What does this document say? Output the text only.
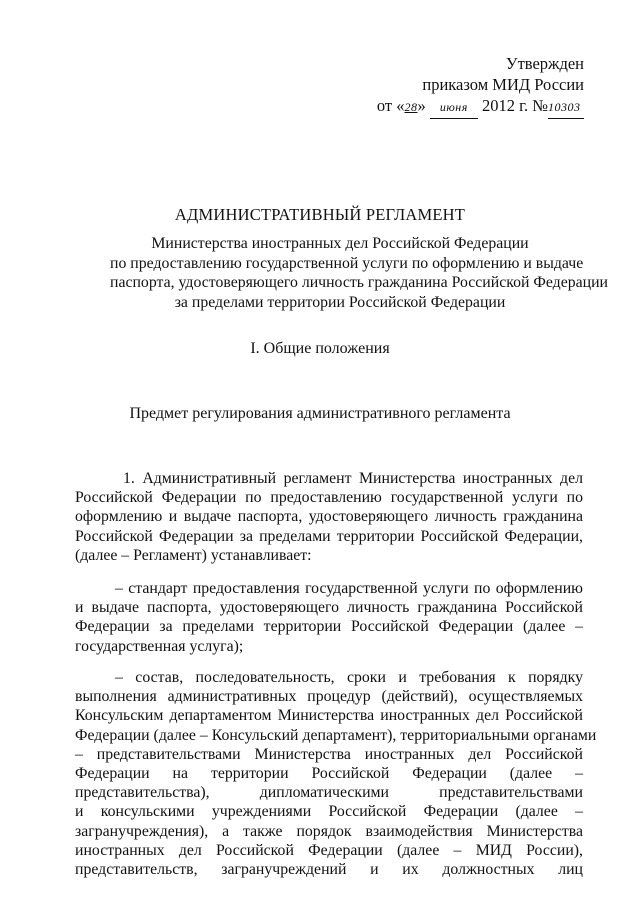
Утвержден
приказом МИД России
от «28» июня 2012 г. №10303
АДМИНИСТРАТИВНЫЙ РЕГЛАМЕНТ
Министерства иностранных дел Российской Федерации
по предоставлению государственной услуги по оформлению и выдаче
паспорта, удостоверяющего личность гражданина Российской Федерации
за пределами территории Российской Федерации
I. Общие положения
Предмет регулирования административного регламента
1. Административный регламент Министерства иностранных дел
Российской Федерации по предоставлению государственной услуги по
оформлению и выдаче паспорта, удостоверяющего личность гражданина
Российской Федерации за пределами территории Российской Федерации,
(далее – Регламент) устанавливает:
– стандарт предоставления государственной услуги по оформлению
и выдаче паспорта, удостоверяющего личность гражданина Российской
Федерации за пределами территории Российской Федерации (далее –
государственная услуга);
– состав, последовательность, сроки и требования к порядку
выполнения административных процедур (действий), осуществляемых
Консульским департаментом Министерства иностранных дел Российской
Федерации (далее – Консульский департамент), территориальными органами
– представительствами Министерства иностранных дел Российской
Федерации на территории Российской Федерации (далее –
представительства), дипломатическими представительствами
и консульскими учреждениями Российской Федерации (далее –
загранучреждения), а также порядок взаимодействия Министерства
иностранных дел Российской Федерации (далее – МИД России),
представительств, загранучреждений и их должностных лиц
